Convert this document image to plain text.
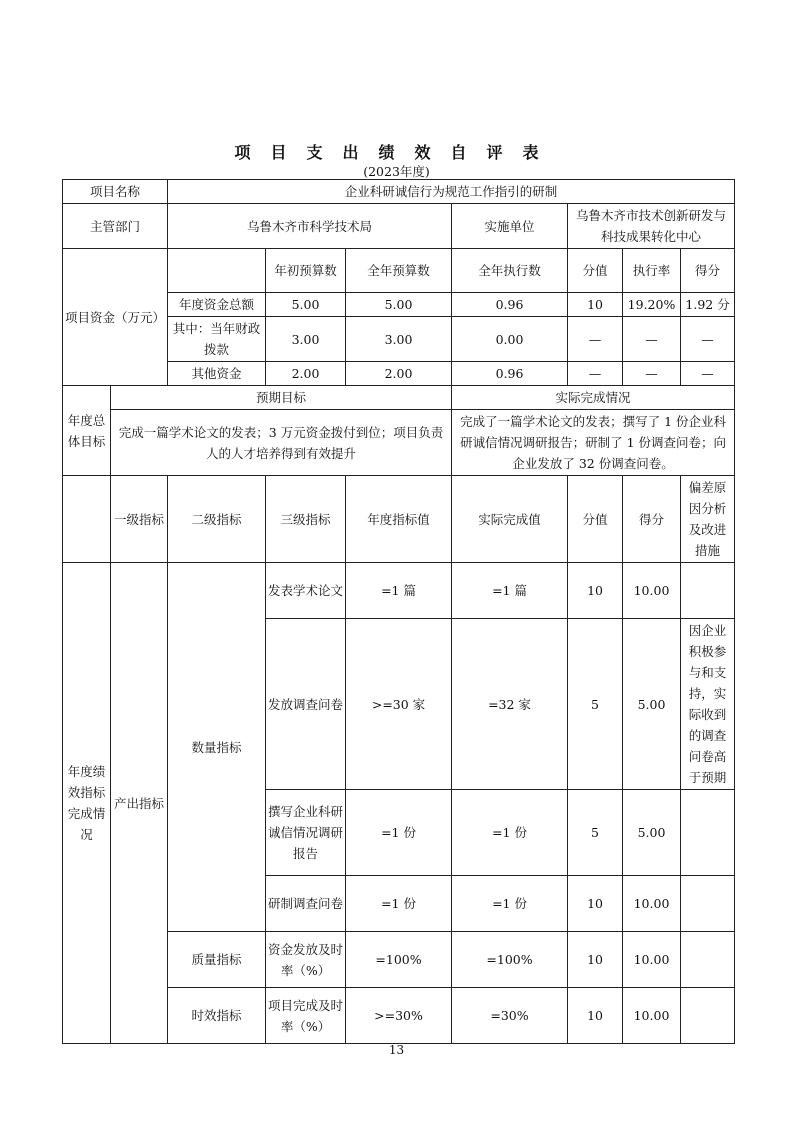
项目支出绩效自评表
(2023年度)
项目名称		企业科研诚信行为规范工作指引的研制						
主管部门		乌鲁木齐市科学技术局			实施单位	乌鲁木齐市技术创新研发与科技成果转化中心		
项目资金（万元）			年初预算数	全年预算数	全年执行数	分值	执行率	得分
		年度资金总额	5.00	5.00	0.96	10	19.20%	1.92 分
		其中：当年财政拨款	3.00	3.00	0.00	—	—	—
		其他资金	2.00	2.00	0.96	—	—	—
年度总体目标	预期目标				实际完成情况			
	完成一篇学术论文的发表；3 万元资金拨付到位；项目负责人的人才培养得到有效提升				完成了一篇学术论文的发表；撰写了 1 份企业科研诚信情况调研报告；研制了 1 份调查问卷；向企业发放了 32 份调查问卷。			
	一级指标	二级指标	三级指标	年度指标值	实际完成值	分值	得分	偏差原因分析及改进措施
年度绩效指标完成情况	产出指标	数量指标	发表学术论文	=1 篇	=1 篇	10	10.00	
			发放调查问卷	>=30 家	=32 家	5	5.00	因企业积极参与和支持，实际收到的调查问卷高于预期
			撰写企业科研诚信情况调研报告	=1 份	=1 份	5	5.00	
			研制调查问卷	=1 份	=1 份	10	10.00	
		质量指标	资金发放及时率（%）	=100%	=100%	10	10.00	
		时效指标	项目完成及时率（%）	>=30%	=30%	10	10.00	
13
